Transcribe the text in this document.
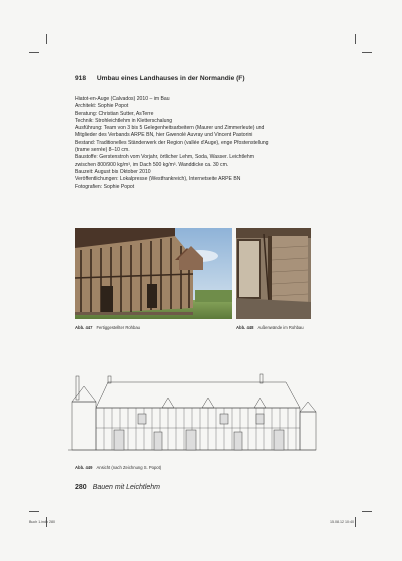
918 Umbau eines Landhauses in der Normandie (F)

Hiatot-en-Auge (Calvados) 2010 – im Bau

Architekt: Sophie Popot

Beratung: Christian Sutter, AsTerre

Technik: Strohleichtlehm in Kletterschalung

Ausführung: Team von 3 bis 5 Gelegenheitsarbeitern (Maurer und Zimmerleute) und

Mitglieder des Verbands ARPE BN, hier Gwenolé Auvray und Vincent Pastorini

Bestand: Traditionelles Ständerwerk der Region (vallée d'Auge), enge Pfostenstellung

(trame serrée) 8–10 cm.

Baustoffe: Gerstenstroh vom Vorjahr, örtlicher Lehm, Soda, Wasser. Leichtlehm

zwischen 800/900 kg/m³, im Dach 500 kg/m³. Wanddicke ca. 30 cm.

Bauzeit: August bis Oktober 2010

Veröffentlichungen: Lokalpresse (Westfrankreich), Internetseite ARPE BN

Fotografien: Sophie Popot

Abb. 447 Fertiggestellter Rohbau	Abb. 448 Außenwände im Rohbau
Abb. 449 Ansicht (nach Zeichnung S. Popot)
280 Bauen mit Leichtlehm
Buch 1.indb 280	15.08.12 10:40
